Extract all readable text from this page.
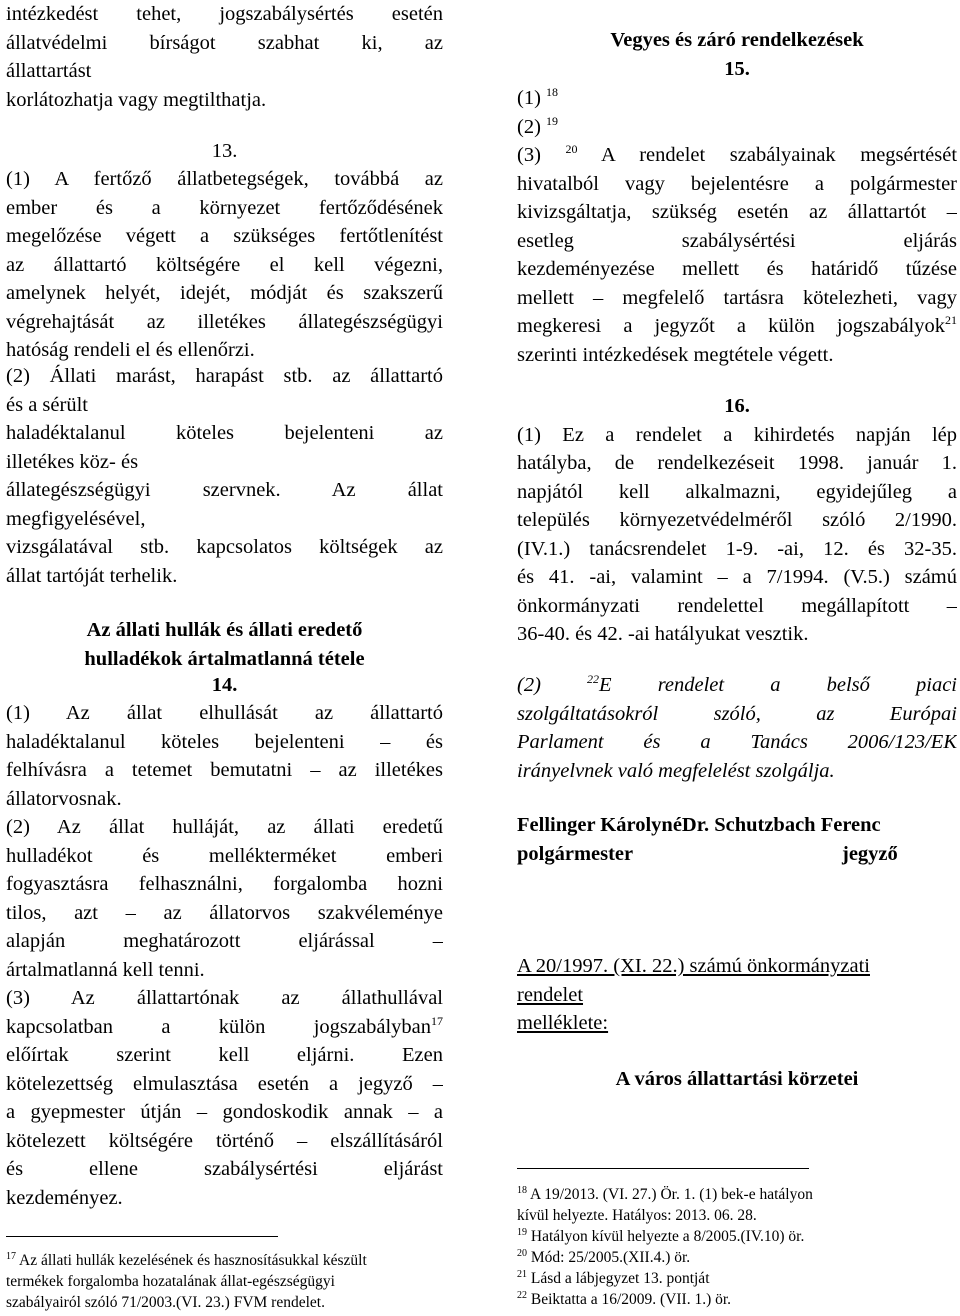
intézkedést tehet, jogszabálysértés esetén
állatvédelmi bírságot szabhat ki, az
állattartást
korlátozhatja vagy megtilthatja.
13.
(1) A fertőző állatbetegségek, továbbá az
ember és a környezet fertőződésének
megelőzése végett a szükséges fertőtlenítést
az állattartó költségére el kell végezni,
amelynek helyét, idejét, módját és szakszerű
végrehajtását az illetékes állategészségügyi
hatóság rendeli el és ellenőrzi.
(2) Állati marást, harapást stb. az állattartó
és a sérült
haladéktalanul köteles bejelenteni az
illetékes köz- és
állategészségügyi szervnek. Az állat
megfigyelésével,
vizsgálatával stb. kapcsolatos költségek az
állat tartóját terhelik.
Az állati hullák és állati eredető
hulladékok ártalmatlanná tétele
14.
(1) Az állat elhullását az állattartó
haladéktalanul köteles bejelenteni – és
felhívásra a tetemet bemutatni – az illetékes
állatorvosnak.
(2) Az állat hulláját, az állati eredetű
hulladékot és mellékterméket emberi
fogyasztásra felhasználni, forgalomba hozni
tilos, azt – az állatorvos szakvéleménye
alapján meghatározott eljárással –
ártalmatlanná kell tenni.
(3) Az állattartónak az állathullával
kapcsolatban a külön jogszabályban$^{17}$
előírtak szerint kell eljárni. Ezen
kötelezettség elmulasztása esetén a jegyző –
a gyepmester útján – gondoskodik annak – a
kötelezett költségére történő – elszállításáról
és ellene szabálysértési eljárást
kezdeményez.
$^{17}$ Az állati hullák kezelésének és hasznosításukkal készült
termékek forgalomba hozatalának állat-egészségügyi
szabályairól szóló 71/2003.(VI. 23.) FVM rendelet.
Vegyes és záró rendelkezések
15.
(1) $^{18}$
(2) $^{19}$
(3) $^{20}$ A rendelet szabályainak megsértését
hivatalból vagy bejelentésre a polgármester
kivizsgáltatja, szükség esetén az állattartót –
esetleg szabálysértési eljárás
kezdeményezése mellett és határidő tűzése
mellett – megfelelő tartásra kötelezheti, vagy
megkeresi a jegyzőt a külön jogszabályok$^{21}$
szerinti intézkedések megtétele végett.
16.
(1) Ez a rendelet a kihirdetés napján lép
hatályba, de rendelkezéseit 1998. január 1.
napjától kell alkalmazni, egyidejűleg a
település környezetvédelméről szóló 2/1990.
(IV.1.) tanácsrendelet 1-9. -ai, 12. és 32-35.
és 41. -ai, valamint – a 7/1994. (V.5.) számú
önkormányzati rendelettel megállapított –
36-40. és 42. -ai hatályukat vesztik.
(2) $^{22}$E rendelet a belső piaci
szolgáltatásokról szóló, az Európai
Parlament és a Tanács 2006/123/EK
irányelvnek való megfelelést szolgálja.
Fellinger KárolynéDr. Schutzbach Ferenc
polgármester	jegyző
A 20/1997. (XI. 22.) számú önkormányzati
rendelet
melléklete:
A város állattartási körzetei
$^{18}$ A 19/2013. (VI. 27.) Ör. 1. (1) bek-e hatályon
kívül helyezte. Hatályos: 2013. 06. 28.
$^{19}$ Hatályon kívül helyezte a 8/2005.(IV.10) ör.
$^{20}$ Mód: 25/2005.(XII.4.) ör.
$^{21}$ Lásd a lábjegyzet 13. pontját
$^{22}$ Beiktatta a 16/2009. (VII. 1.) ör.
